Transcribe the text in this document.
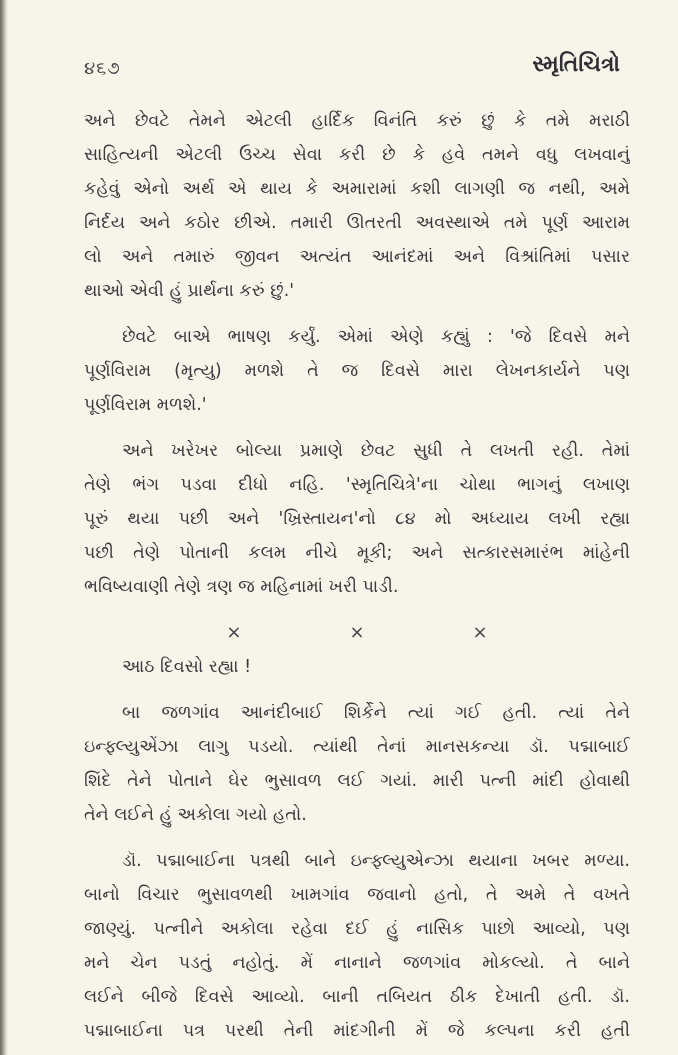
૪૬૭	સ્મૃતિચિત્રો
અને છેવટે તેમને એટલી હાર્દિક વિનંતિ કરું છું કે તમે મરાઠી
સાહિત્યની એટલી ઉચ્ચ સેવા કરી છે કે હવે તમને વધુ લખવાનું
કહેવું એનો અર્થ એ થાય કે અમારામાં કશી લાગણી જ નથી, અમે
નિર્દય અને કઠોર છીએ. તમારી ઊતરતી અવસ્થાએ તમે પૂર્ણ આરામ
લો અને તમારું જીવન અત્યંત આનંદમાં અને વિશ્રાંતિમાં પસાર
થાઓ એવી હું પ્રાર્થના કરું છું.'
છેવટે બાએ ભાષણ કર્યું. એમાં એણે કહ્યું : 'જે દિવસે મને
પૂર્ણવિરામ (મૃત્યુ) મળશે તે જ દિવસે મારા લેખનકાર્યને પણ
પૂર્ણવિરામ મળશે.'
અને ખરેખર બોલ્યા પ્રમાણે છેવટ સુધી તે લખતી રહી. તેમાં
તેણે ભંગ પડવા દીધો નહિ. 'સ્મૃતિચિત્રે'ના ચોથા ભાગનું લખાણ
પૂરું થયા પછી અને 'ખ્રિસ્તાયન'નો ૮૪ મો અધ્યાય લખી રહ્યા
પછી તેણે પોતાની કલમ નીચે મૂકી; અને સત્કારસમારંભ માંહેની
ભવિષ્યવાણી તેણે ત્રણ જ મહિનામાં ખરી પાડી.
×	×	×
આઠ દિવસો રહ્યા !
બા જળગાંવ આનંદીબાઈ શિર્કેને ત્યાં ગઈ હતી. ત્યાં તેને
ઇન્ફ્લ્યુએંઝા લાગુ પડયો. ત્યાંથી તેનાં માનસકન્યા ડૉ. પદ્માબાઈ
શિંદે તેને પોતાને ઘેર ભુસાવળ લઈ ગયાં. મારી પત્ની માંદી હોવાથી
તેને લઈને હું અકોલા ગયો હતો.
ડૉ. પદ્માબાઈના પત્રથી બાને ઇન્ફ્લ્યુએન્ઝા થયાના ખબર મળ્યા.
બાનો વિચાર ભુસાવળથી ખામગાંવ જવાનો હતો, તે અમે તે વખતે
જાણ્યું. પત્નીને અકોલા રહેવા દઈ હું નાસિક પાછો આવ્યો, પણ
મને ચેન પડતું નહોતું. મેં નાનાને જળગાંવ મોકલ્યો. તે બાને
લઈને બીજે દિવસે આવ્યો. બાની તબિયત ઠીક દેખાતી હતી. ડૉ.
પદ્માબાઈના પત્ર પરથી તેની માંદગીની મેં જે કલ્પના કરી હતી
